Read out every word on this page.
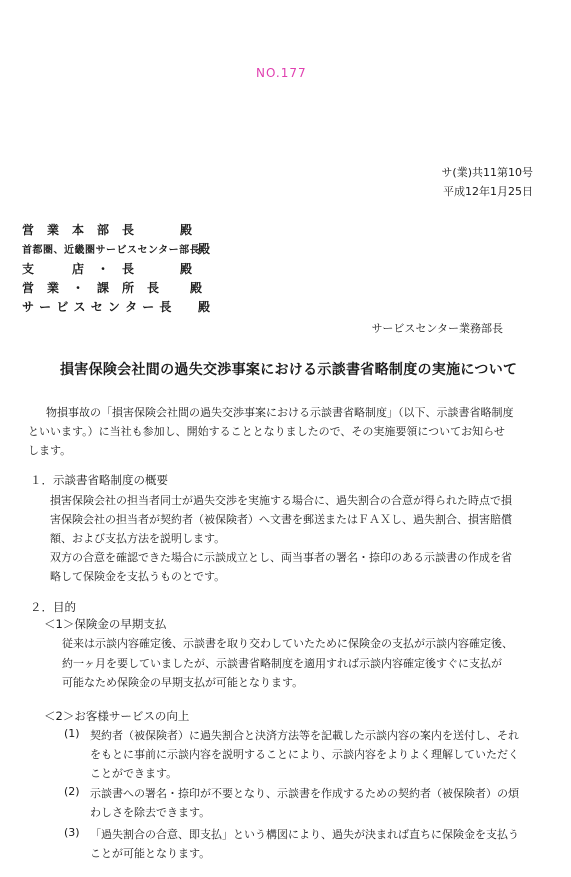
NO.177
サ(業)共11第10号
平成12年1月25日
営　業　本　部　長	殿
首都圏、近畿圏サービスセンター部長殿
支　　　店　・　長	殿
営　業　・　課　所　長	殿
サ ー ビ ス セ ン タ ー 長 殿
サービスセンター業務部長
損害保険会社間の過失交渉事案における示談書省略制度の実施について
物損事故の「損害保険会社間の過失交渉事案における示談書省略制度」（以下、示談書省略制度
といいます。）に当社も参加し、開始することとなりましたので、その実施要領についてお知らせ
します。
１．示談書省略制度の概要
損害保険会社の担当者同士が過失交渉を実施する場合に、過失割合の合意が得られた時点で損
害保険会社の担当者が契約者（被保険者）へ文書を郵送またはＦＡＸし、過失割合、損害賠償
額、および支払方法を説明します。
双方の合意を確認できた場合に示談成立とし、両当事者の署名・捺印のある示談書の作成を省
略して保険金を支払うものとです。
２．目的
＜1＞保険金の早期支払
従来は示談内容確定後、示談書を取り交わしていたために保険金の支払が示談内容確定後、
約一ヶ月を要していましたが、示談書省略制度を適用すれば示談内容確定後すぐに支払が
可能なため保険金の早期支払が可能となります。
＜2＞お客様サービスの向上
(1) 契約者（被保険者）に過失割合と決済方法等を記載した示談内容の案内を送付し、それ
をもとに事前に示談内容を説明することにより、示談内容をよりよく理解していただく
ことができます。
(2) 示談書への署名・捺印が不要となり、示談書を作成するための契約者（被保険者）の煩
わしさを除去できます。
(3) 「過失割合の合意、即支払」という構図により、過失が決まれば直ちに保険金を支払う
ことが可能となります。
